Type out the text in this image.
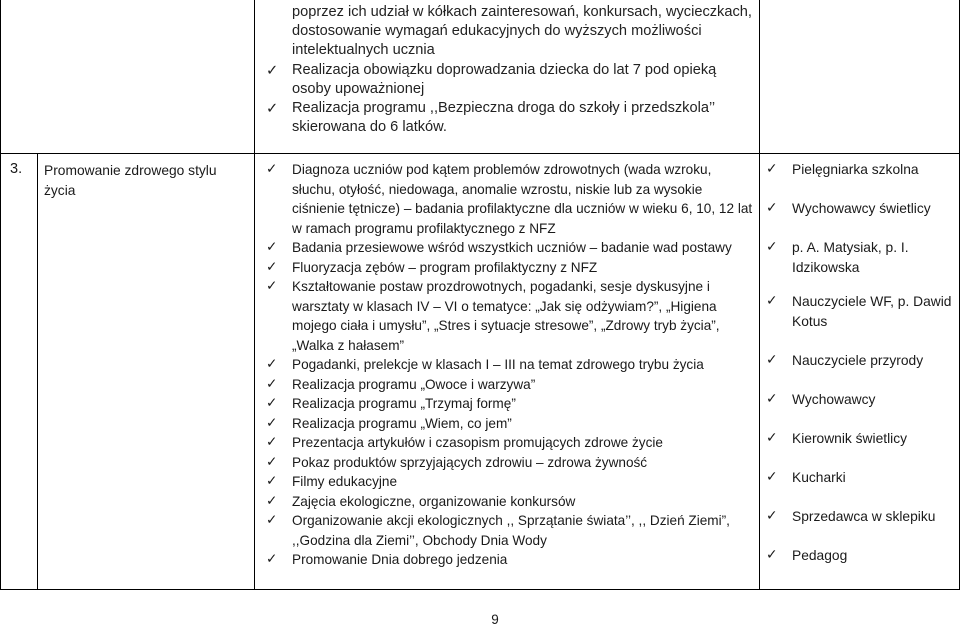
poprzez ich udział w kółkach zainteresowań, konkursach, wycieczkach, dostosowanie wymagań edukacyjnych do wyższych możliwości intelektualnych ucznia
✓ Realizacja obowiązku doprowadzania dziecka do lat 7 pod opieką osoby upoważnionej
✓ Realizacja programu ,,Bezpieczna droga do szkoły i przedszkola’’ skierowana do 6 latków.
3. Promowanie zdrowego stylu życia
✓ Diagnoza uczniów pod kątem problemów zdrowotnych (wada wzroku, słuchu, otyłość, niedowaga, anomalie wzrostu, niskie lub za wysokie ciśnienie tętnicze) – badania profilaktyczne dla uczniów w wieku 6, 10, 12 lat w ramach programu profilaktycznego z NFZ
✓ Badania przesiewowe wśród wszystkich uczniów – badanie wad postawy
✓ Fluoryzacja zębów – program profilaktyczny z NFZ
✓ Kształtowanie postaw prozdrowotnych, pogadanki, sesje dyskusyjne i warsztaty w klasach IV – VI o tematyce: „Jak się odżywiam?”, „Higiena mojego ciała i umysłu”, „Stres i sytuacje stresowe”, „Zdrowy tryb życia”, „Walka z hałasem”
✓ Pogadanki, prelekcje w klasach I – III na temat zdrowego trybu życia
✓ Realizacja programu „Owoce i warzywa”
✓ Realizacja programu „Trzymaj formę”
✓ Realizacja programu „Wiem, co jem”
✓ Prezentacja artykułów i czasopism promujących zdrowe życie
✓ Pokaz produktów sprzyjających zdrowiu – zdrowa żywność
✓ Filmy edukacyjne
✓ Zajęcia ekologiczne, organizowanie konkursów
✓ Organizowanie akcji ekologicznych ,, Sprzątanie świata’’, ,, Dzień Ziemi”, ,,Godzina dla Ziemi’’, Obchody Dnia Wody
✓ Promowanie Dnia dobrego jedzenia
✓ Pielęgniarka szkolna
✓ Wychowawcy świetlicy
✓ p. A. Matysiak, p. I. Idzikowska
✓ Nauczyciele WF, p. Dawid Kotus
✓ Nauczyciele przyrody
✓ Wychowawcy
✓ Kierownik świetlicy
✓ Kucharki
✓ Sprzedawca w sklepiku
✓ Pedagog
9
